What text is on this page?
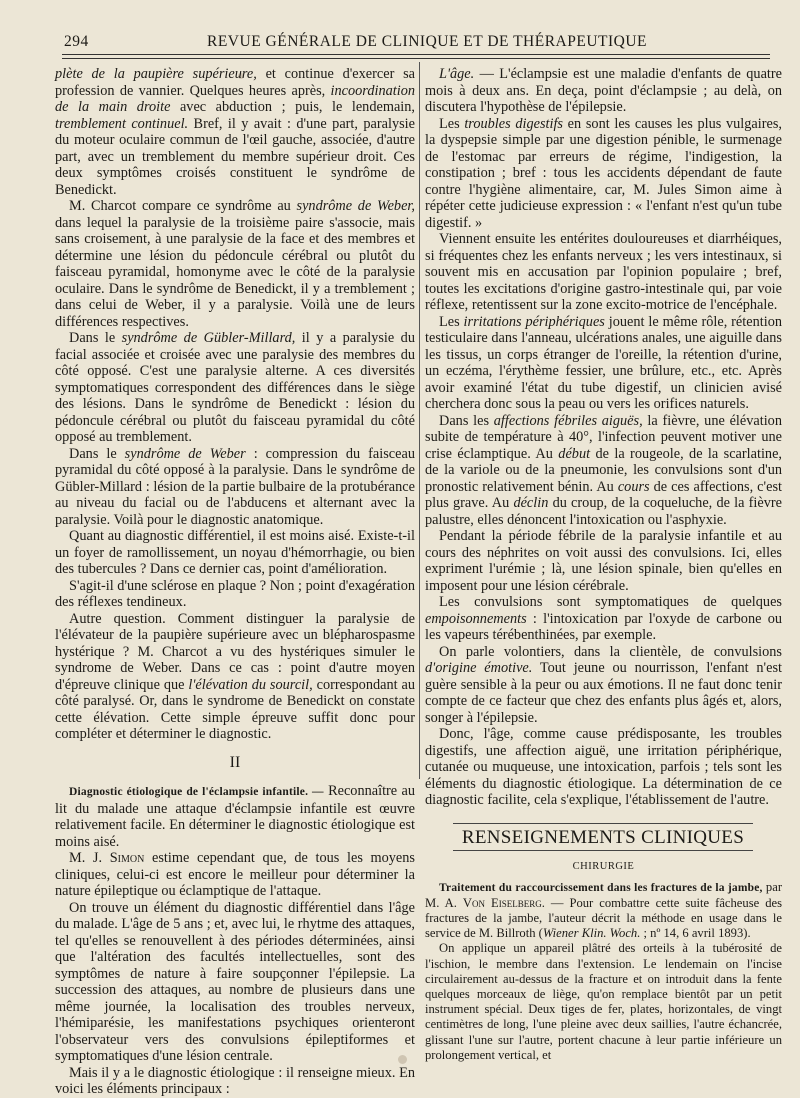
294	REVUE GÉNÉRALE DE CLINIQUE ET DE THÉRAPEUTIQUE

plète de la paupière supérieure, et continue d'exercer sa profession de vannier. Quelques heures après, incoordination de la main droite avec abduction ; puis, le lendemain, tremblement continuel. Bref, il y avait : d'une part, paralysie du moteur oculaire commun de l'œil gauche, associée, d'autre part, avec un tremblement du membre supérieur droit. Ces deux symptômes croisés constituent le syndrôme de Benedickt.

M. Charcot compare ce syndrôme au syndrôme de Weber, dans lequel la paralysie de la troisième paire s'associe, mais sans croisement, à une paralysie de la face et des membres et détermine une lésion du pédoncule cérébral ou plutôt du faisceau pyramidal, homonyme avec le côté de la paralysie oculaire. Dans le syndrôme de Benedickt, il y a tremblement ; dans celui de Weber, il y a paralysie. Voilà une de leurs différences respectives.

Dans le syndrôme de Gübler-Millard, il y a paralysie du facial associée et croisée avec une paralysie des membres du côté opposé. C'est une paralysie alterne. A ces diversités symptomatiques correspondent des différences dans le siège des lésions. Dans le syndrôme de Benedickt : lésion du pédoncule cérébral ou plutôt du faisceau pyramidal du côté opposé au tremblement.

Dans le syndrôme de Weber : compression du faisceau pyramidal du côté opposé à la paralysie. Dans le syndrôme de Gübler-Millard : lésion de la partie bulbaire de la protubérance au niveau du facial ou de l'abducens et alternant avec la paralysie. Voilà pour le diagnostic anatomique.

Quant au diagnostic différentiel, il est moins aisé. Existe-t-il un foyer de ramollissement, un noyau d'hémorrhagie, ou bien des tubercules ? Dans ce dernier cas, point d'amélioration.

S'agit-il d'une sclérose en plaque ? Non ; point d'exagération des réflexes tendineux.

Autre question. Comment distinguer la paralysie de l'élévateur de la paupière supérieure avec un blépharospasme hystérique ? M. Charcot a vu des hystériques simuler le syndrome de Weber. Dans ce cas : point d'autre moyen d'épreuve clinique que l'élévation du sourcil, correspondant au côté paralysé. Or, dans le syndrome de Benedickt on constate cette élévation. Cette simple épreuve suffit donc pour compléter et déterminer le diagnostic.

II

Diagnostic étiologique de l'éclampsie infantile. — Reconnaître au lit du malade une attaque d'éclampsie infantile est œuvre relativement facile. En déterminer le diagnostic étiologique est moins aisé.

M. J. Simon estime cependant que, de tous les moyens cliniques, celui-ci est encore le meilleur pour déterminer la nature épileptique ou éclamptique de l'attaque.

On trouve un élément du diagnostic différentiel dans l'âge du malade. L'âge de 5 ans ; et, avec lui, le rhytme des attaques, tel qu'elles se renouvellent à des périodes déterminées, ainsi que l'altération des facultés intellectuelles, sont des symptômes de nature à faire soupçonner l'épilepsie. La succession des attaques, au nombre de plusieurs dans une même journée, la localisation des troubles nerveux, l'hémiparésie, les manifestations psychiques orienteront l'observateur vers des convulsions épileptiformes et symptomatiques d'une lésion centrale.

Mais il y a le diagnostic étiologique : il renseigne mieux. En voici les éléments principaux :

L'âge. — L'éclampsie est une maladie d'enfants de quatre mois à deux ans. En deça, point d'éclampsie ; au delà, on discutera l'hypothèse de l'épilepsie.

Les troubles digestifs en sont les causes les plus vulgaires, la dyspepsie simple par une digestion pénible, le surmenage de l'estomac par erreurs de régime, l'indigestion, la constipation ; bref : tous les accidents dépendant de faute contre l'hygiène alimentaire, car, M. Jules Simon aime à répéter cette judicieuse expression : « l'enfant n'est qu'un tube digestif. »

Viennent ensuite les entérites douloureuses et diarrhéiques, si fréquentes chez les enfants nerveux ; les vers intestinaux, si souvent mis en accusation par l'opinion populaire ; bref, toutes les excitations d'origine gastro-intestinale qui, par voie réflexe, retentissent sur la zone excito-motrice de l'encéphale.

Les irritations périphériques jouent le même rôle, rétention testiculaire dans l'anneau, ulcérations anales, une aiguille dans les tissus, un corps étranger de l'oreille, la rétention d'urine, un eczéma, l'érythème fessier, une brûlure, etc., etc. Après avoir examiné l'état du tube digestif, un clinicien avisé cherchera donc sous la peau ou vers les orifices naturels.

Dans les affections fébriles aiguës, la fièvre, une élévation subite de température à 40°, l'infection peuvent motiver une crise éclamptique. Au début de la rougeole, de la scarlatine, de la variole ou de la pneumonie, les convulsions sont d'un pronostic relativement bénin. Au cours de ces affections, c'est plus grave. Au déclin du croup, de la coqueluche, de la fièvre palustre, elles dénoncent l'intoxication ou l'asphyxie.

Pendant la période fébrile de la paralysie infantile et au cours des néphrites on voit aussi des convulsions. Ici, elles expriment l'urémie ; là, une lésion spinale, bien qu'elles en imposent pour une lésion cérébrale.

Les convulsions sont symptomatiques de quelques empoisonnements : l'intoxication par l'oxyde de carbone ou les vapeurs térébenthinées, par exemple.

On parle volontiers, dans la clientèle, de convulsions d'origine émotive. Tout jeune ou nourrisson, l'enfant n'est guère sensible à la peur ou aux émotions. Il ne faut donc tenir compte de ce facteur que chez des enfants plus âgés et, alors, songer à l'épilepsie.

Donc, l'âge, comme cause prédisposante, les troubles digestifs, une affection aiguë, une irritation périphérique, cutanée ou muqueuse, une intoxication, parfois ; tels sont les éléments du diagnostic étiologique. La détermination de ce diagnostic facilite, cela s'explique, l'établissement de l'autre.

RENSEIGNEMENTS CLINIQUES

CHIRURGIE

Traitement du raccourcissement dans les fractures de la jambe, par M. A. Von Eiselberg. — Pour combattre cette suite fâcheuse des fractures de la jambe, l'auteur décrit la méthode en usage dans le service de M. Billroth (Wiener Klin. Woch. ; nº 14, 6 avril 1893).

On applique un appareil plâtré des orteils à la tubérosité de l'ischion, le membre dans l'extension. Le lendemain on l'incise circulairement au-dessus de la fracture et on introduit dans la fente quelques morceaux de liège, qu'on remplace bientôt par un petit instrument spécial. Deux tiges de fer, plates, horizontales, de vingt centimètres de long, l'une pleine avec deux saillies, l'autre échancrée, glissant l'une sur l'autre, portent chacune à leur partie inférieure un prolongement vertical, et
